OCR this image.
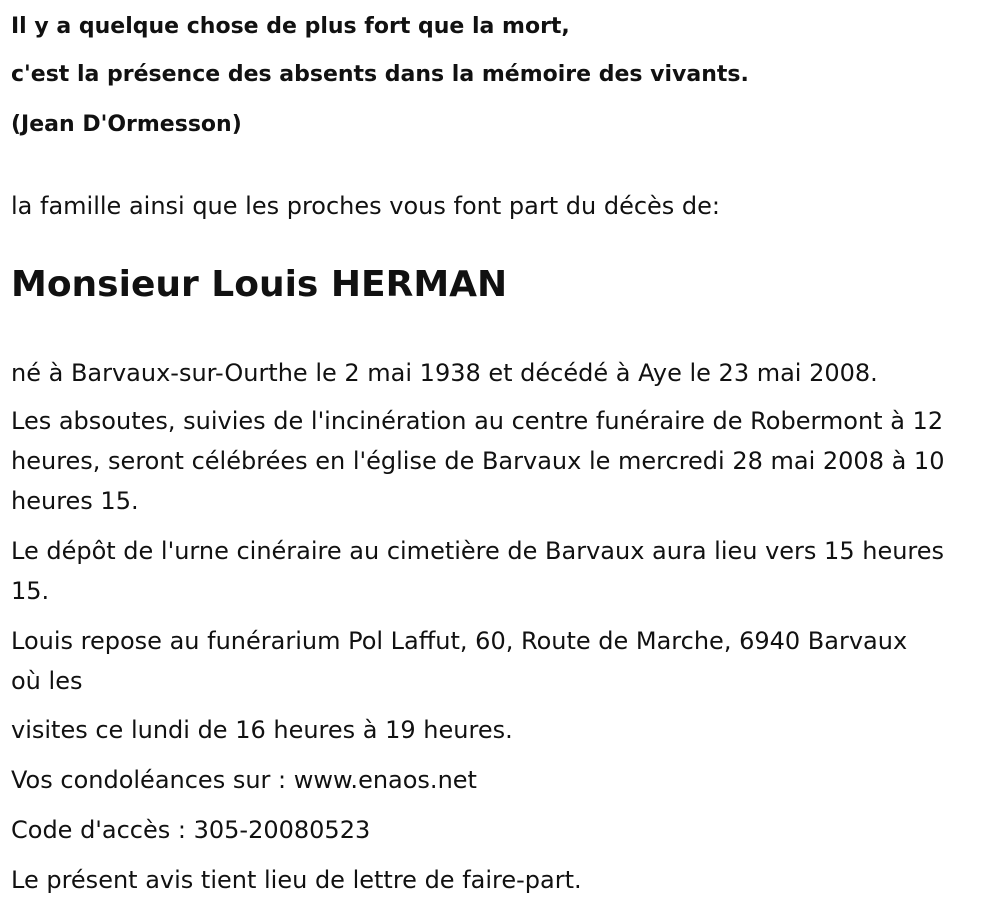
Il y a quelque chose de plus fort que la mort,
c'est la présence des absents dans la mémoire des vivants.
(Jean D'Ormesson)
la famille ainsi que les proches vous font part du décès de:
Monsieur Louis HERMAN
né à Barvaux-sur-Ourthe le 2 mai 1938 et décédé à Aye le 23 mai 2008.
Les absoutes, suivies de l'incinération au centre funéraire de Robermont à 12 heures, seront célébrées en l'église de Barvaux le mercredi 28 mai 2008 à 10 heures 15.
Le dépôt de l'urne cinéraire au cimetière de Barvaux aura lieu vers 15 heures 15.
Louis repose au funérarium Pol Laffut, 60, Route de Marche, 6940 Barvaux où les
visites ce lundi de 16 heures à 19 heures.
Vos condoléances sur : www.enaos.net
Code d'accès : 305-20080523
Le présent avis tient lieu de lettre de faire-part.
